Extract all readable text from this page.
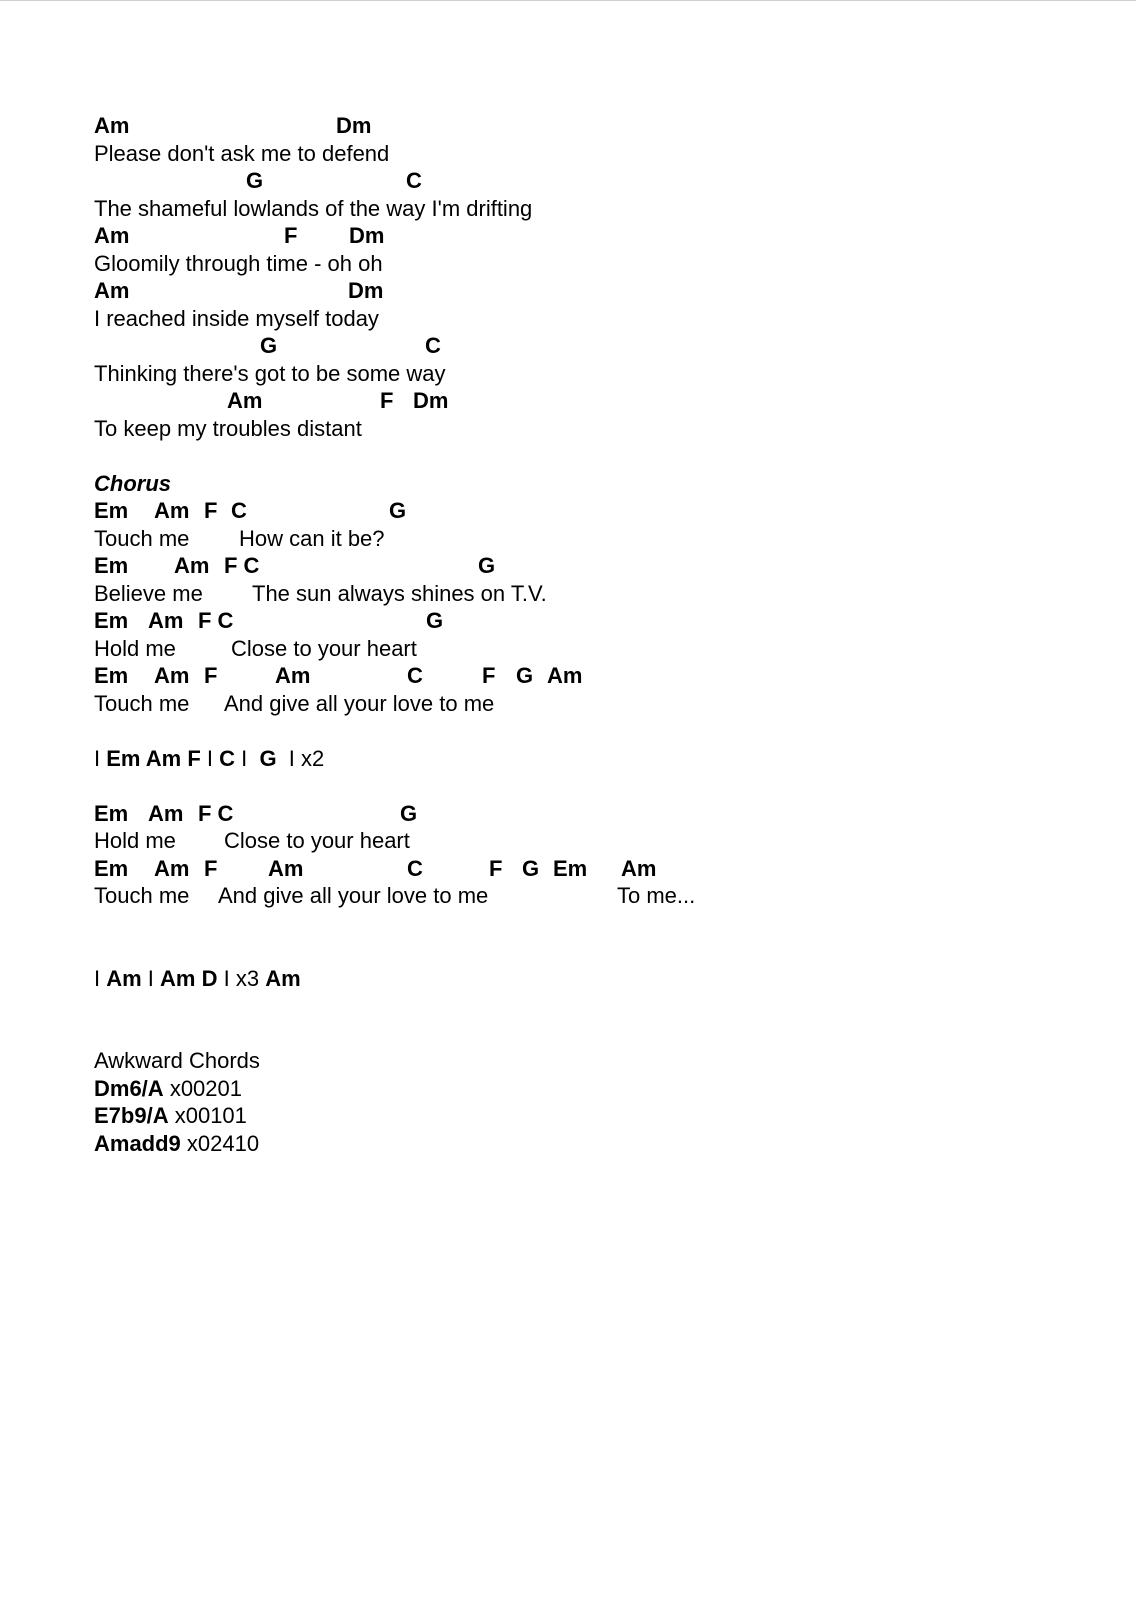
Am	Dm
Please don't ask me to defend
G	C
The shameful lowlands of the way I'm drifting
Am	F Dm
Gloomily through time - oh oh
Am	Dm
I reached inside myself today
G	C
Thinking there's got to be some way
Am	F Dm
To keep my troubles distant
Chorus
Em Am F C	G
Touch me How can it be?
Em Am F C	G
Believe me The sun always shines on T.V.
Em Am F C	G
Hold me	Close to your heart
Em Am F	Am	C	F G Am
Touch me And give all your love to me
I Em Am F I C I  G  I x2
Em Am F C	G
Hold me Close to your heart
Em Am F Am	C	F G Em Am
Touch me And give all your love to me	To me...
I Am I Am D I x3 Am
Awkward Chords
Dm6/A x00201
E7b9/A x00101
Amadd9 x02410
